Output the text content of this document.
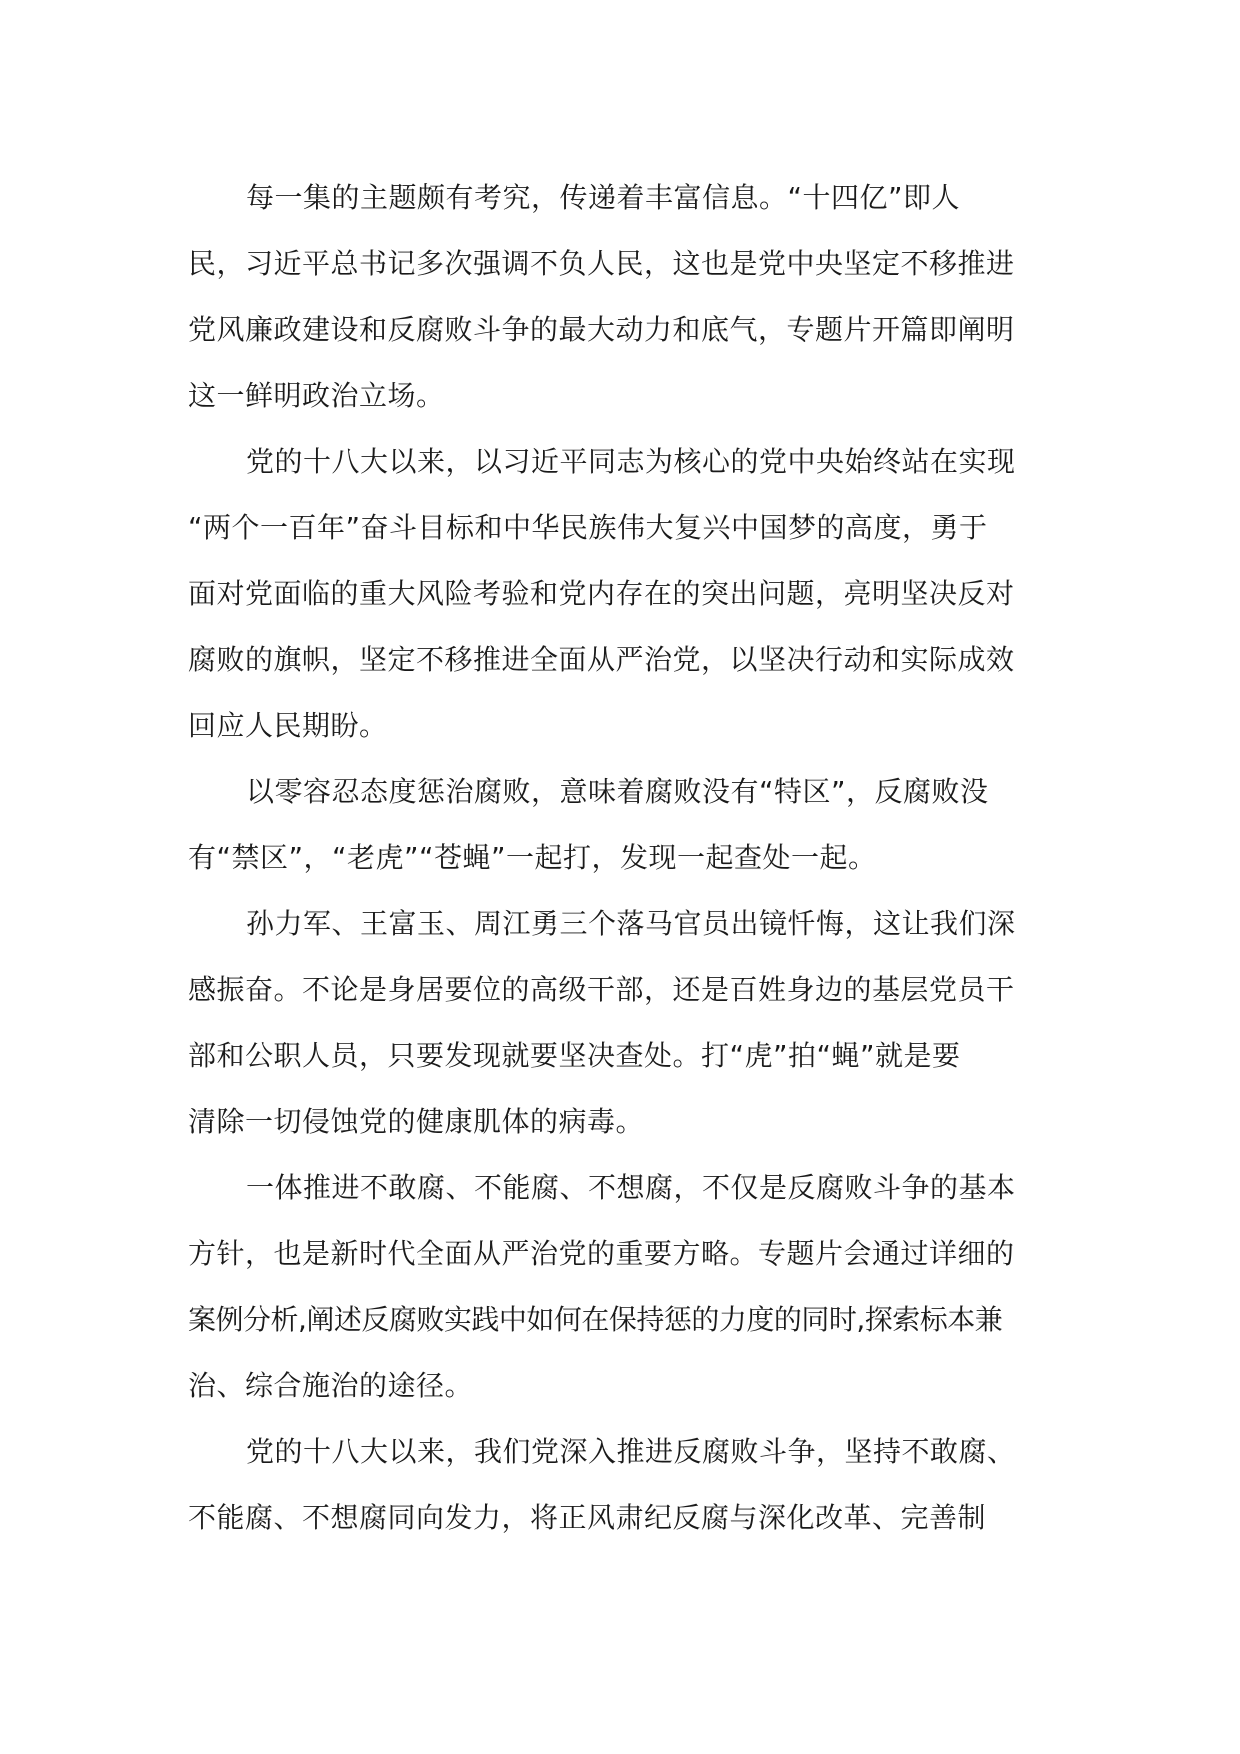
每一集的主题颇有考究，传递着丰富信息。“十四亿”即人
民，习近平总书记多次强调不负人民，这也是党中央坚定不移推进
党风廉政建设和反腐败斗争的最大动力和底气，专题片开篇即阐明
这一鲜明政治立场。
党的十八大以来，以习近平同志为核心的党中央始终站在实现
“两个一百年”奋斗目标和中华民族伟大复兴中国梦的高度，勇于
面对党面临的重大风险考验和党内存在的突出问题，亮明坚决反对
腐败的旗帜，坚定不移推进全面从严治党，以坚决行动和实际成效
回应人民期盼。
以零容忍态度惩治腐败，意味着腐败没有“特区”，反腐败没
有“禁区”，“老虎”“苍蝇”一起打，发现一起查处一起。
孙力军、王富玉、周江勇三个落马官员出镜忏悔，这让我们深
感振奋。不论是身居要位的高级干部，还是百姓身边的基层党员干
部和公职人员，只要发现就要坚决查处。打“虎”拍“蝇”就是要
清除一切侵蚀党的健康肌体的病毒。
一体推进不敢腐、不能腐、不想腐，不仅是反腐败斗争的基本
方针，也是新时代全面从严治党的重要方略。专题片会通过详细的
案例分析,阐述反腐败实践中如何在保持惩的力度的同时,探索标本兼
治、综合施治的途径。
党的十八大以来，我们党深入推进反腐败斗争，坚持不敢腐、
不能腐、不想腐同向发力，将正风肃纪反腐与深化改革、完善制
